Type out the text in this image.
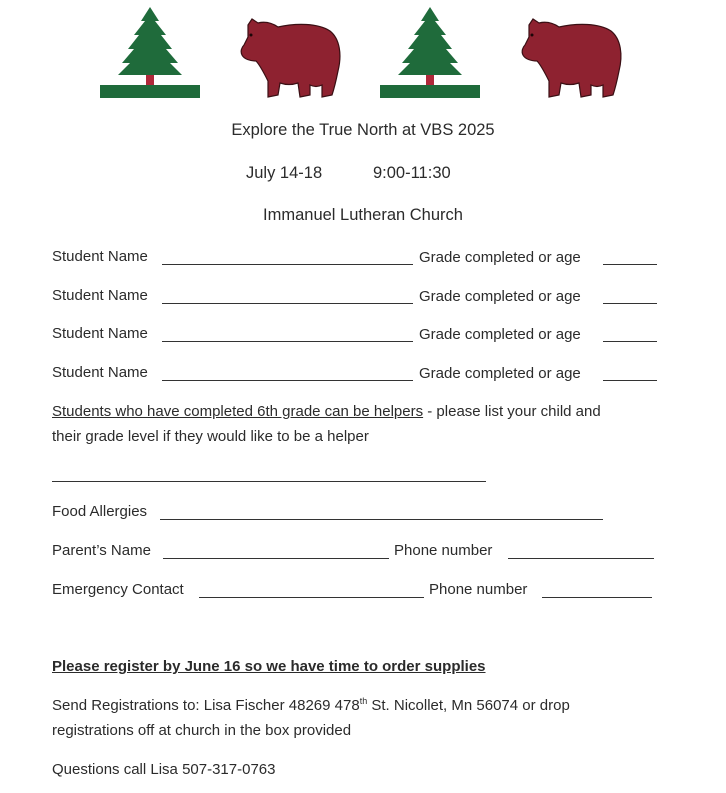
Explore the True North at VBS 2025
July 14-18	9:00-11:30
Immanuel Lutheran Church
Student Name	Grade completed or age
Student Name	Grade completed or age
Student Name	Grade completed or age
Student Name	Grade completed or age
Students who have completed 6th grade can be helpers - please list your child and
their grade level if they would like to be a helper
Food Allergies
Parent’s Name	Phone number
Emergency Contact	Phone number
Please register by June 16 so we have time to order supplies
Send Registrations to: Lisa Fischer 48269 478th St. Nicollet, Mn 56074 or drop
registrations off at church in the box provided
Questions call Lisa 507-317-0763
